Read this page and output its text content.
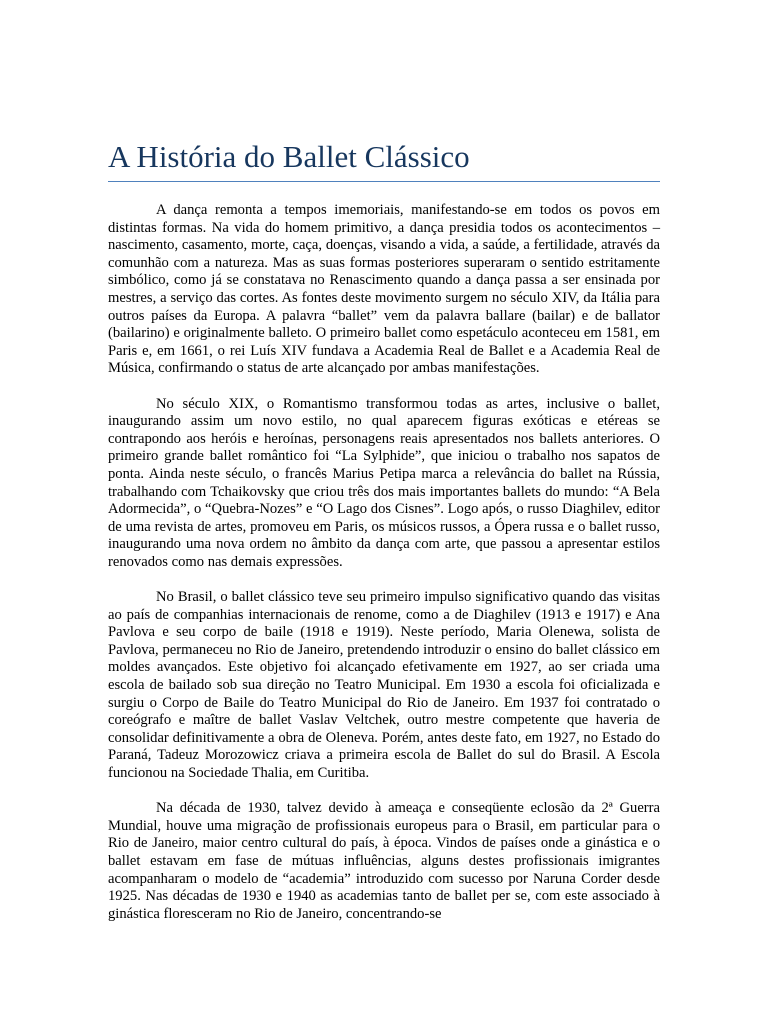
A História do Ballet Clássico

A dança remonta a tempos imemoriais, manifestando-se em todos os povos em distintas formas. Na vida do homem primitivo, a dança presidia todos os acontecimentos – nascimento, casamento, morte, caça, doenças, visando a vida, a saúde, a fertilidade, através da comunhão com a natureza. Mas as suas formas posteriores superaram o sentido estritamente simbólico, como já se constatava no Renascimento quando a dança passa a ser ensinada por mestres, a serviço das cortes. As fontes deste movimento surgem no século XIV, da Itália para outros países da Europa. A palavra “ballet” vem da palavra ballare (bailar) e de ballator (bailarino) e originalmente balleto. O primeiro ballet como espetáculo aconteceu em 1581, em Paris e, em 1661, o rei Luís XIV fundava a Academia Real de Ballet e a Academia Real de Música, confirmando o status de arte alcançado por ambas manifestações.

No século XIX, o Romantismo transformou todas as artes, inclusive o ballet, inaugurando assim um novo estilo, no qual aparecem figuras exóticas e etéreas se contrapondo aos heróis e heroínas, personagens reais apresentados nos ballets anteriores. O primeiro grande ballet romântico foi “La Sylphide”, que iniciou o trabalho nos sapatos de ponta. Ainda neste século, o francês Marius Petipa marca a relevância do ballet na Rússia, trabalhando com Tchaikovsky que criou três dos mais importantes ballets do mundo: “A Bela Adormecida”, o “Quebra-Nozes” e “O Lago dos Cisnes”. Logo após, o russo Diaghilev, editor de uma revista de artes, promoveu em Paris, os músicos russos, a Ópera russa e o ballet russo, inaugurando uma nova ordem no âmbito da dança com arte, que passou a apresentar estilos renovados como nas demais expressões.

No Brasil, o ballet clássico teve seu primeiro impulso significativo quando das visitas ao país de companhias internacionais de renome, como a de Diaghilev (1913 e 1917) e Ana Pavlova e seu corpo de baile (1918 e 1919). Neste período, Maria Olenewa, solista de Pavlova, permaneceu no Rio de Janeiro, pretendendo introduzir o ensino do ballet clássico em moldes avançados. Este objetivo foi alcançado efetivamente em 1927, ao ser criada uma escola de bailado sob sua direção no Teatro Municipal. Em 1930 a escola foi oficializada e surgiu o Corpo de Baile do Teatro Municipal do Rio de Janeiro. Em 1937 foi contratado o coreógrafo e maître de ballet Vaslav Veltchek, outro mestre competente que haveria de consolidar definitivamente a obra de Oleneva. Porém, antes deste fato, em 1927, no Estado do Paraná, Tadeuz Morozowicz criava a primeira escola de Ballet do sul do Brasil. A Escola funcionou na Sociedade Thalia, em Curitiba.

Na década de 1930, talvez devido à ameaça e conseqüente eclosão da 2ª Guerra Mundial, houve uma migração de profissionais europeus para o Brasil, em particular para o Rio de Janeiro, maior centro cultural do país, à época. Vindos de países onde a ginástica e o ballet estavam em fase de mútuas influências, alguns destes profissionais imigrantes acompanharam o modelo de “academia” introduzido com sucesso por Naruna Corder desde 1925. Nas décadas de 1930 e 1940 as academias tanto de ballet per se, com este associado à ginástica floresceram no Rio de Janeiro, concentrando-se
